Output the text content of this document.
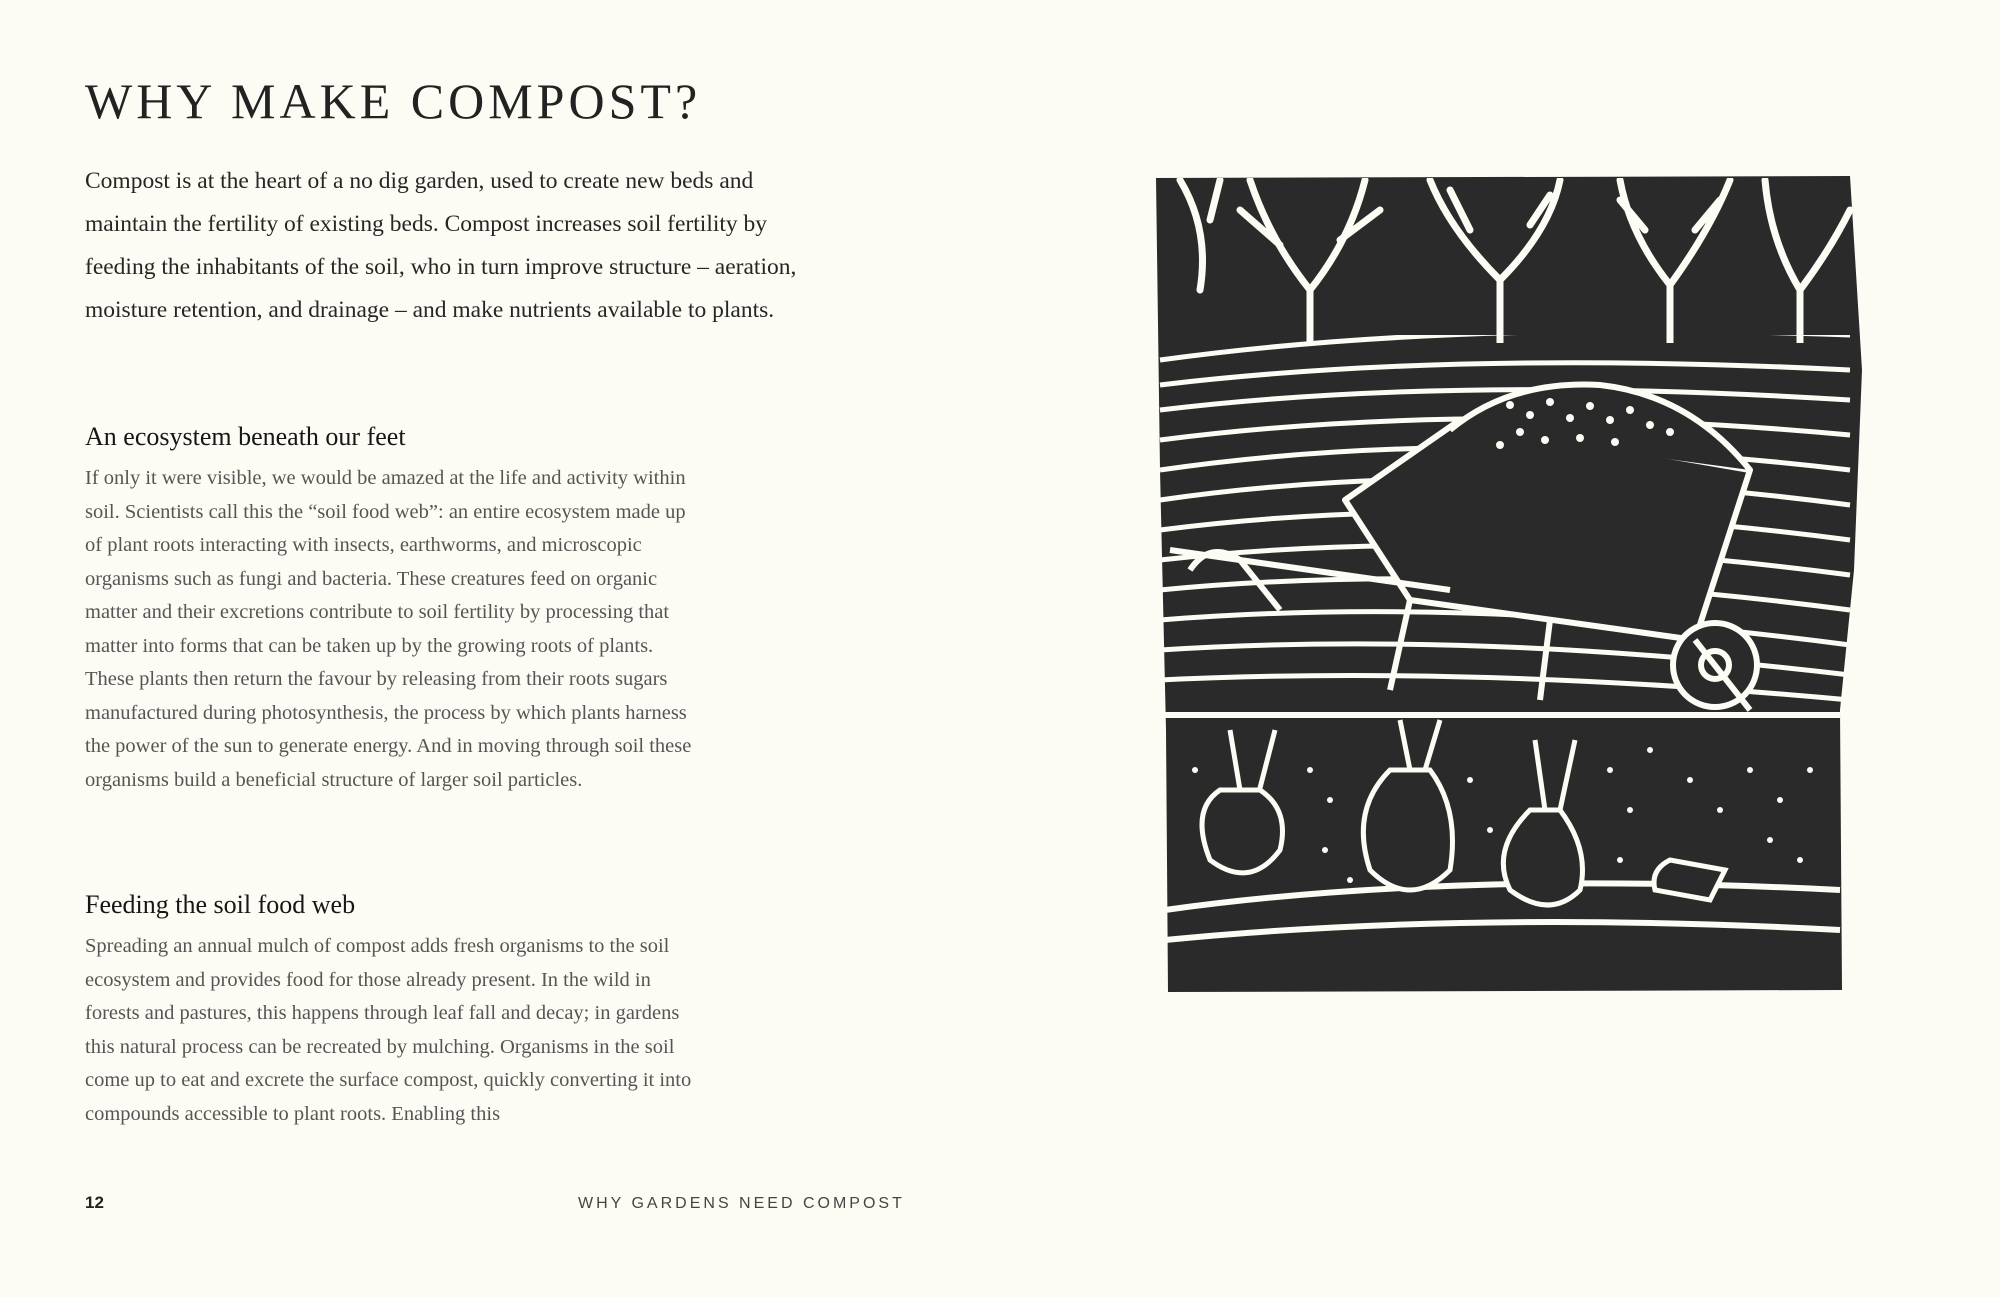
WHY MAKE COMPOST?

Compost is at the heart of a no dig garden, used to create new beds and maintain the fertility of existing beds. Compost increases soil fertility by feeding the inhabitants of the soil, who in turn improve structure – aeration, moisture retention, and drainage – and make nutrients available to plants.

An ecosystem beneath our feet

If only it were visible, we would be amazed at the life and activity within soil. Scientists call this the “soil food web”: an entire ecosystem made up of plant roots interacting with insects, earthworms, and microscopic organisms such as fungi and bacteria. These creatures feed on organic matter and their excretions contribute to soil fertility by processing that matter into forms that can be taken up by the growing roots of plants. These plants then return the favour by releasing from their roots sugars manufactured during photosynthesis, the process by which plants harness the power of the sun to generate energy. And in moving through soil these organisms build a beneficial structure of larger soil particles.

Feeding the soil food web

Spreading an annual mulch of compost adds fresh organisms to the soil ecosystem and provides food for those already present. In the wild in forests and pastures, this happens through leaf fall and decay; in gardens this natural process can be recreated by mulching. Organisms in the soil come up to eat and excrete the surface compost, quickly converting it into compounds accessible to plant roots. Enabling this

12	WHY GARDENS NEED COMPOST
